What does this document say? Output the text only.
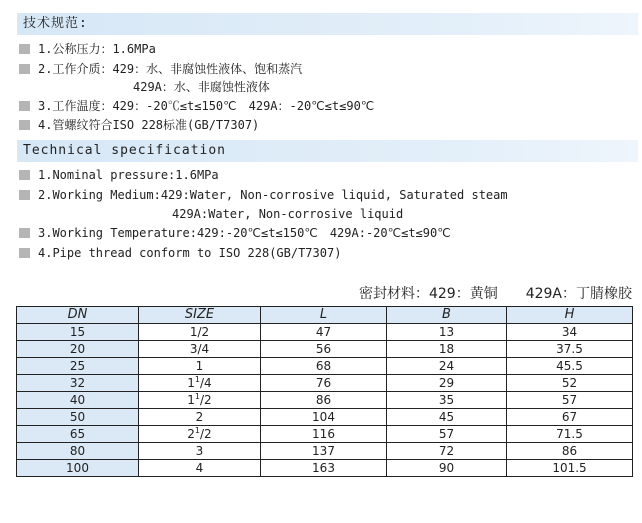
技术规范:
1.公称压力：1.6MPa
2.工作介质：429：水、非腐蚀性液体、饱和蒸汽
429A：水、非腐蚀性液体
3.工作温度：429：-20℃≤t≤150℃　429A：-20℃≤t≤90℃
4.管螺纹符合ISO 228标准(GB/T7307)
Technical specification
1.Nominal pressure:1.6MPa
2.Working Medium:429:Water, Non-corrosive liquid, Saturated steam
429A:Water, Non-corrosive liquid
3.Working Temperature:429:-20℃≤t≤150℃　429A:-20℃≤t≤90℃
4.Pipe thread conform to ISO 228(GB/T7307)
密封材料：429：黄铜　　429A：丁腈橡胶
DN	SIZE	L	B	H
15	1/2	47	13	34
20	3/4	56	18	37.5
25	1	68	24	45.5
32	$1^1/4$	76	29	52
40	$1^1/2$	86	35	57
50	2	104	45	67
65	$2^1/2$	116	57	71.5
80	3	137	72	86
100	4	163	90	101.5
